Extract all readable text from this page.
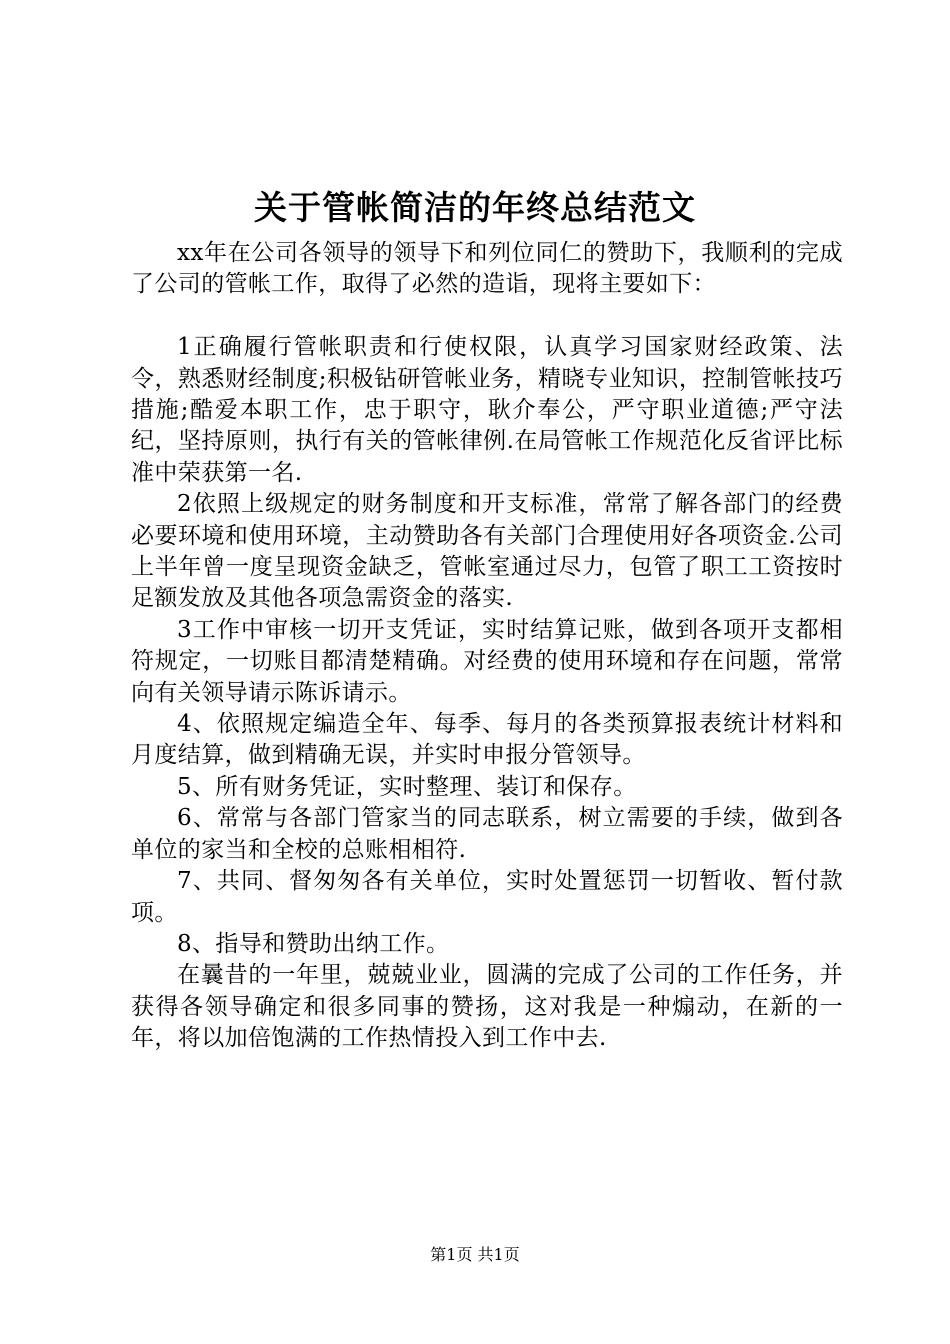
关于管帐简洁的年终总结范文

xx年在公司各领导的领导下和列位同仁的赞助下，我顺利的完成了公司的管帐工作，取得了必然的造诣，现将主要如下：

1正确履行管帐职责和行使权限，认真学习国家财经政策、法令，熟悉财经制度;积极钻研管帐业务，精晓专业知识，控制管帐技巧措施;酷爱本职工作，忠于职守，耿介奉公，严守职业道德;严守法纪，坚持原则，执行有关的管帐律例.在局管帐工作规范化反省评比标准中荣获第一名.

2依照上级规定的财务制度和开支标准，常常了解各部门的经费必要环境和使用环境，主动赞助各有关部门合理使用好各项资金.公司上半年曾一度呈现资金缺乏，管帐室通过尽力，包管了职工工资按时足额发放及其他各项急需资金的落实.

3工作中审核一切开支凭证，实时结算记账，做到各项开支都相符规定，一切账目都清楚精确。对经费的使用环境和存在问题，常常向有关领导请示陈诉请示。

4、依照规定编造全年、每季、每月的各类预算报表统计材料和月度结算，做到精确无误，并实时申报分管领导。

5、所有财务凭证，实时整理、装订和保存。

6、常常与各部门管家当的同志联系，树立需要的手续，做到各单位的家当和全校的总账相相符.

7、共同、督匆匆各有关单位，实时处置惩罚一切暂收、暂付款项。

8、指导和赞助出纳工作。

在曩昔的一年里，兢兢业业，圆满的完成了公司的工作任务，并获得各领导确定和很多同事的赞扬，这对我是一种煽动，在新的一年，将以加倍饱满的工作热情投入到工作中去.

第1页 共1页
